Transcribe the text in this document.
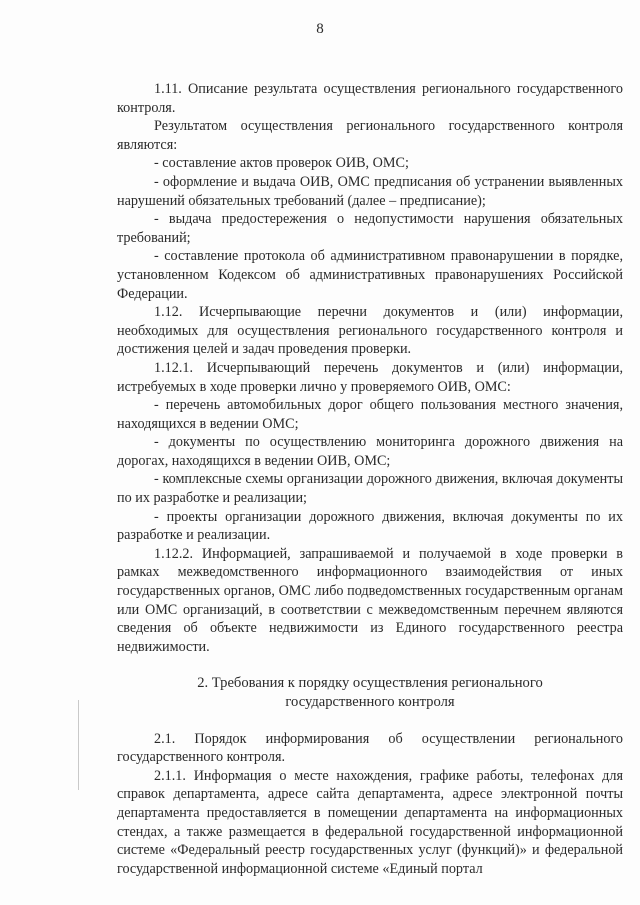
8

1.11. Описание результата осуществления регионального государственного контроля.

Результатом осуществления регионального государственного контроля являются:

- составление актов проверок ОИВ, ОМС;

- оформление и выдача ОИВ, ОМС предписания об устранении выявленных нарушений обязательных требований (далее – предписание);

- выдача предостережения о недопустимости нарушения обязательных требований;

- составление протокола об административном правонарушении в порядке, установленном Кодексом об административных правонарушениях Российской Федерации.

1.12. Исчерпывающие перечни документов и (или) информации, необходимых для осуществления регионального государственного контроля и достижения целей и задач проведения проверки.

1.12.1. Исчерпывающий перечень документов и (или) информации, истребуемых в ходе проверки лично у проверяемого ОИВ, ОМС:

- перечень автомобильных дорог общего пользования местного значения, находящихся в ведении ОМС;

- документы по осуществлению мониторинга дорожного движения на дорогах, находящихся в ведении ОИВ, ОМС;

- комплексные схемы организации дорожного движения, включая документы по их разработке и реализации;

- проекты организации дорожного движения, включая документы по их разработке и реализации.

1.12.2. Информацией, запрашиваемой и получаемой в ходе проверки в рамках межведомственного информационного взаимодействия от иных государственных органов, ОМС либо подведомственных государственным органам или ОМС организаций, в соответствии с межведомственным перечнем являются сведения об объекте недвижимости из Единого государственного реестра недвижимости.

2. Требования к порядку осуществления регионального
государственного контроля

2.1. Порядок информирования об осуществлении регионального государственного контроля.

2.1.1. Информация о месте нахождения, графике работы, телефонах для справок департамента, адресе сайта департамента, адресе электронной почты департамента предоставляется в помещении департамента на информационных стендах, а также размещается в федеральной государственной информационной системе «Федеральный реестр государственных услуг (функций)» и федеральной государственной информационной системе «Единый портал
